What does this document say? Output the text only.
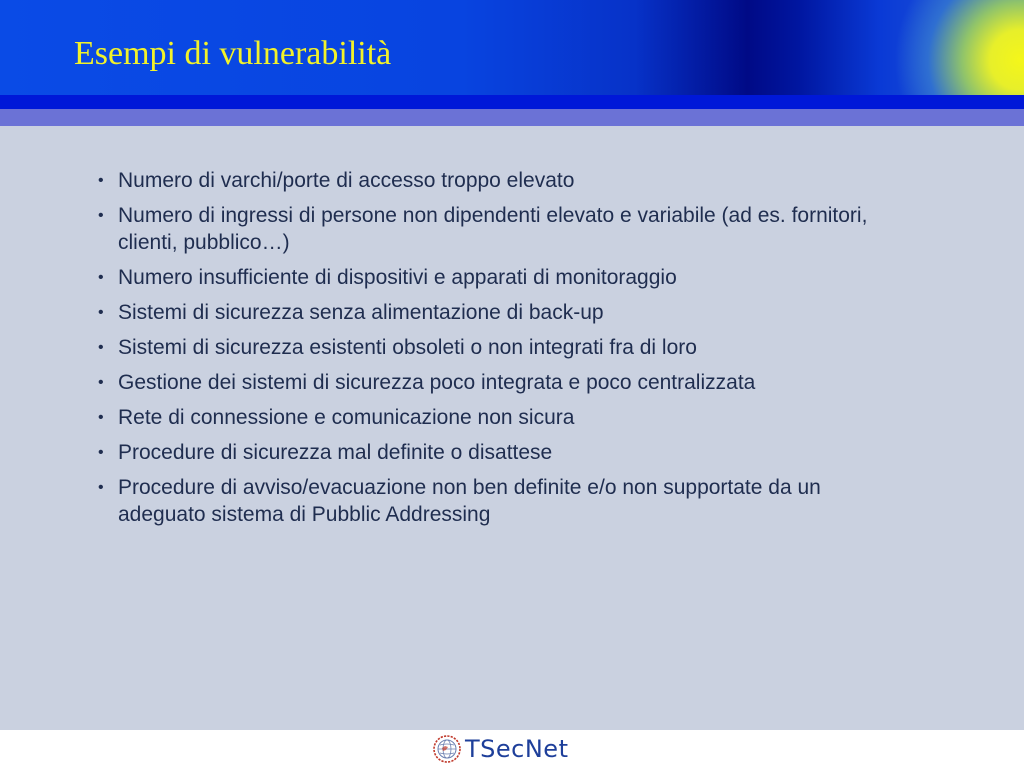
Esempi di vulnerabilità
• Numero di varchi/porte di accesso troppo elevato
• Numero di ingressi di persone non dipendenti elevato e variabile (ad es. fornitori, clienti, pubblico…)
• Numero insufficiente di dispositivi e apparati di monitoraggio
• Sistemi di sicurezza senza alimentazione di back-up
• Sistemi di sicurezza esistenti obsoleti o non integrati fra di loro
• Gestione dei sistemi di sicurezza poco integrata e poco centralizzata
• Rete di connessione e comunicazione non sicura
• Procedure di sicurezza mal definite o disattese
• Procedure di avviso/evacuazione non ben definite e/o non supportate da un adeguato sistema di Pubblic Addressing
TSecNet
